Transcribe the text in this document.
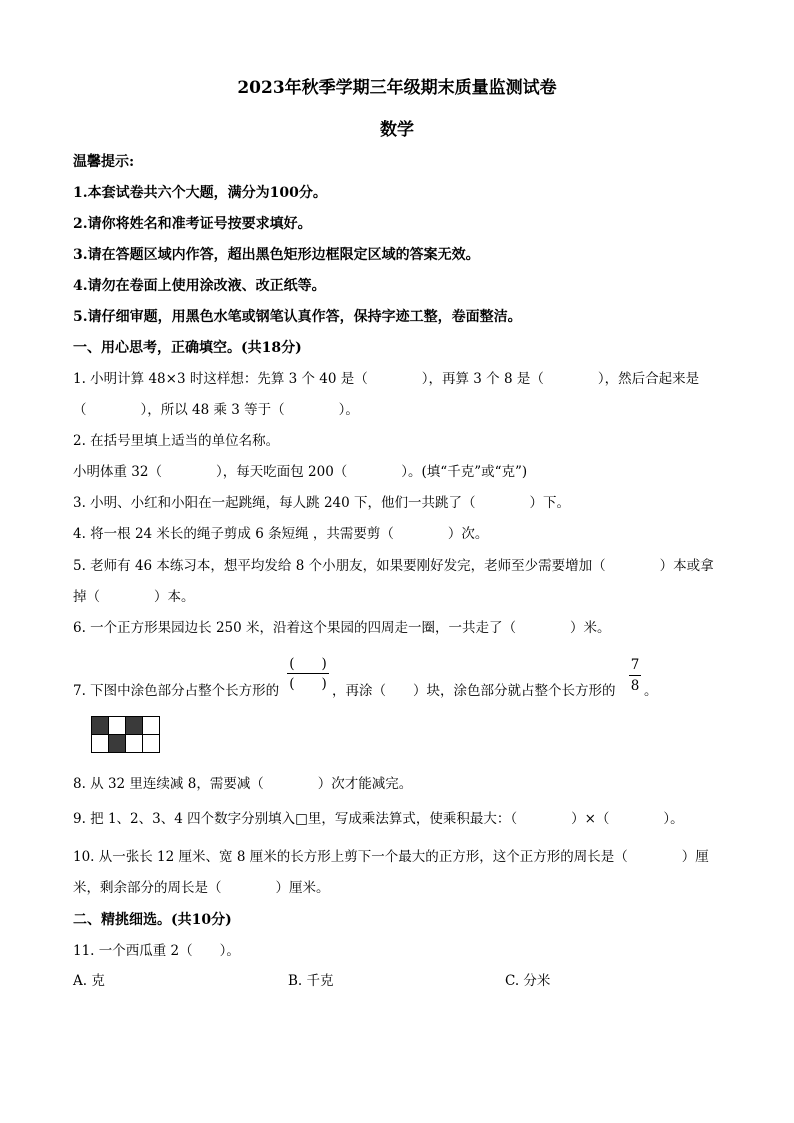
2023年秋季学期三年级期末质量监测试卷
数学
温馨提示:
1.本套试卷共六个大题，满分为100分。
2.请你将姓名和准考证号按要求填好。
3.请在答题区域内作答，超出黑色矩形边框限定区域的答案无效。
4.请勿在卷面上使用涂改液、改正纸等。
5.请仔细审题，用黑色水笔或钢笔认真作答，保持字迹工整，卷面整洁。
一、用心思考，正确填空。(共18分)
1. 小明计算 48×3 时这样想：先算 3 个 40 是（　　　　），再算 3 个 8 是（　　　　），然后合起来是
（　　　　），所以 48 乘 3 等于（　　　　）。
2. 在括号里填上适当的单位名称。
小明体重 32（　　　　），每天吃面包 200（　　　　）。(填“千克”或“克”)
3. 小明、小红和小阳在一起跳绳，每人跳 240 下，他们一共跳了（　　　　）下。
4. 将一根 24 米长的绳子剪成 6 条短绳 ，共需要剪（　　　　）次。
5. 老师有 46 本练习本，想平均发给 8 个小朋友，如果要刚好发完，老师至少需要增加（　　　　）本或拿
掉（　　　　）本。
6. 一个正方形果园边长 250 米，沿着这个果园的四周走一圈，一共走了（　　　　）米。
7. 下图中涂色部分占整个长方形的
(　　)
(　　) ，再涂（　　）块，涂色部分就占整个长方形的
7
8 。

8. 从 32 里连续减 8，需要减（　　　　）次才能减完。
9. 把 1、2、3、4 四个数字分别填入□里，写成乘法算式，使乘积最大：（　　　　）×（　　　　）。
10. 从一张长 12 厘米、宽 8 厘米的长方形上剪下一个最大的正方形，这个正方形的周长是（　　　　）厘
米，剩余部分的周长是（　　　　）厘米。
二、精挑细选。(共10分)
11. 一个西瓜重 2（　　）。
A. 克	B. 千克	C. 分米
